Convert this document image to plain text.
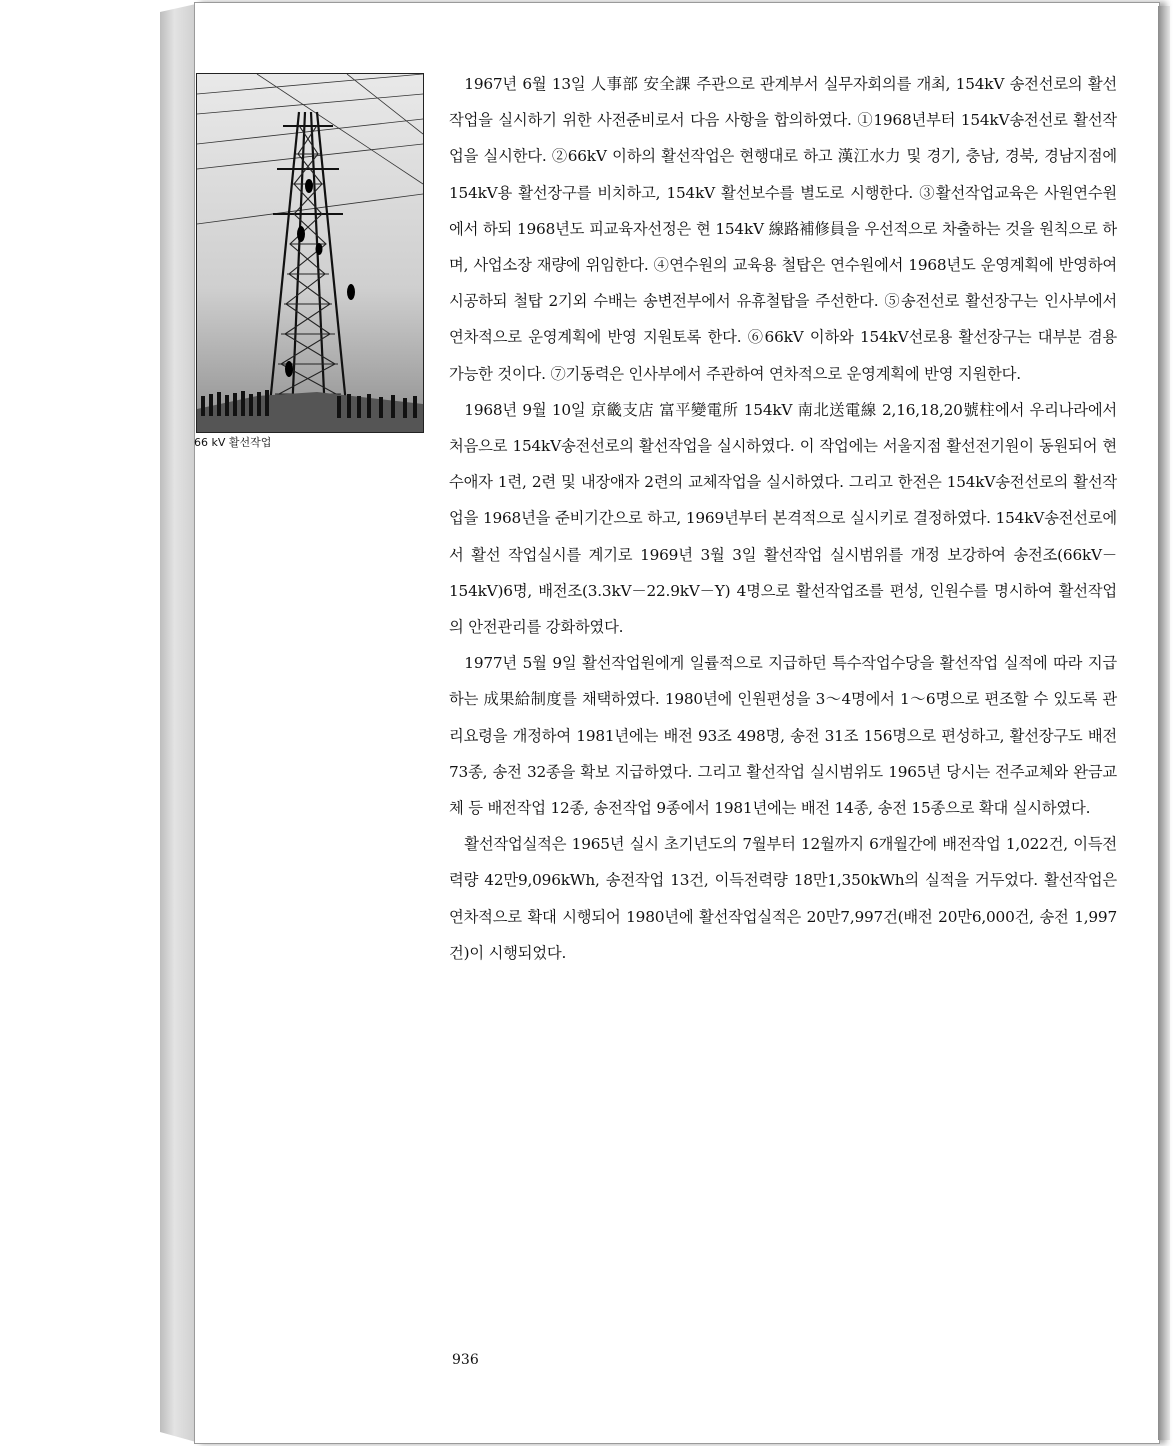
66 kV 활선작업

1967년 6월 13일 人事部 安全課 주관으로 관계부서 실무자회의를 개최, 154kV 송전선로의 활선작업을 실시하기 위한 사전준비로서 다음 사항을 합의하였다. ①1968년부터 154kV송전선로 활선작업을 실시한다. ②66kV 이하의 활선작업은 현행대로 하고 漢江水力 및 경기, 충남, 경북, 경남지점에 154kV용 활선장구를 비치하고, 154kV 활선보수를 별도로 시행한다. ③활선작업교육은 사원연수원에서 하되 1968년도 피교육자선정은 현 154kV 線路補修員을 우선적으로 차출하는 것을 원칙으로 하며, 사업소장 재량에 위임한다. ④연수원의 교육용 철탑은 연수원에서 1968년도 운영계획에 반영하여 시공하되 철탑 2기외 수배는 송변전부에서 유휴철탑을 주선한다. ⑤송전선로 활선장구는 인사부에서 연차적으로 운영계획에 반영 지원토록 한다. ⑥66kV 이하와 154kV선로용 활선장구는 대부분 겸용 가능한 것이다. ⑦기동력은 인사부에서 주관하여 연차적으로 운영계획에 반영 지원한다.

1968년 9월 10일 京畿支店 富平變電所 154kV 南北送電線 2,16,18,20號柱에서 우리나라에서 처음으로 154kV송전선로의 활선작업을 실시하였다. 이 작업에는 서울지점 활선전기원이 동원되어 현수애자 1련, 2련 및 내장애자 2련의 교체작업을 실시하였다. 그리고 한전은 154kV송전선로의 활선작업을 1968년을 준비기간으로 하고, 1969년부터 본격적으로 실시키로 결정하였다. 154kV송전선로에서 활선 작업실시를 계기로 1969년 3월 3일 활선작업 실시범위를 개정 보강하여 송전조(66kV－154kV)6명, 배전조(3.3kV－22.9kV－Y) 4명으로 활선작업조를 편성, 인원수를 명시하여 활선작업의 안전관리를 강화하였다.

1977년 5월 9일 활선작업원에게 일률적으로 지급하던 특수작업수당을 활선작업 실적에 따라 지급하는 成果給制度를 채택하였다. 1980년에 인원편성을 3～4명에서 1～6명으로 편조할 수 있도록 관리요령을 개정하여 1981년에는 배전 93조 498명, 송전 31조 156명으로 편성하고, 활선장구도 배전 73종, 송전 32종을 확보 지급하였다. 그리고 활선작업 실시범위도 1965년 당시는 전주교체와 완금교체 등 배전작업 12종, 송전작업 9종에서 1981년에는 배전 14종, 송전 15종으로 확대 실시하였다.

활선작업실적은 1965년 실시 초기년도의 7월부터 12월까지 6개월간에 배전작업 1,022건, 이득전력량 42만9,096kWh, 송전작업 13건, 이득전력량 18만1,350kWh의 실적을 거두었다. 활선작업은 연차적으로 확대 시행되어 1980년에 활선작업실적은 20만7,997건(배전 20만6,000건, 송전 1,997건)이 시행되었다.

936
